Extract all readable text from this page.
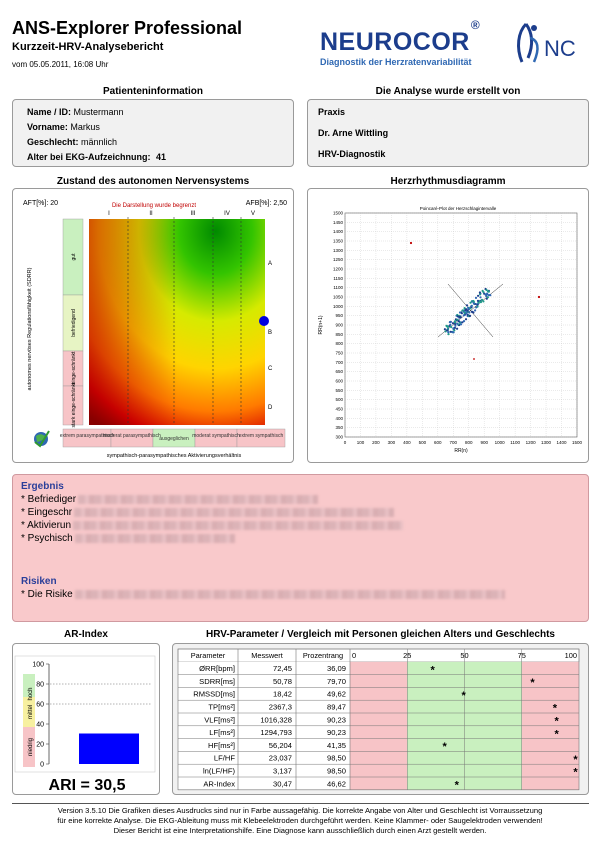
ANS-Explorer Professional
Kurzzeit-HRV-Analysebericht
vom 05.05.2011, 16:08 Uhr
NEUROCOR®
Diagnostik der Herzratenvariabilität
NC
Patienteninformation
Name / ID: Mustermann
Vorname: Markus
Geschlecht: männlich
Alter bei EKG-Aufzeichnung: 41
Die Analyse wurde erstellt von
Praxis
Dr. Arne Wittling
HRV-Diagnostik
Zustand des autonomen Nervensystems
AFT[%]: 20	AFB[%]: 2,50
Die Darstellung wurde begrenzt
I	II	III	IV	V
A
B
C
D
autonomes nervöses Regulationsfähigkeit (SDRR)
gut
befriedigend
einge-schränkt
stark einge-schränkt
extrem parasympathisch
moderat parasympathisch
ausgeglichen moderat sympathisch extrem sympathisch
sympathisch-parasympathisches Aktivierungsverhältnis
Herzrhythmusdiagramm
Poincaré-Plot der Herzschlagintervalle
1500
1450
1400
1350
1300
1250
1200
1150
1100
1050
1000
950
900
850
800
750
700
650
600
550
500
450
400
350
300
0 100 200 300 400 500 600 700 800 900 1000 1100 1200 1300 1400 1500
RR(n)
RR(n+1)
Ergebnis
* Befriediger
* Eingeschr
* Aktivierun
* Psychisch
Risiken
* Die Risike
AR-Index
hoch
mittel
niedrig
100
80
60
40
20
0
ARI = 30,5
HRV-Parameter / Vergleich mit Personen gleichen Alters und Geschlechts
Parameter	Messwert	Prozentrang 0	25	50	75	100
ØRR[bpm]	72,45	36,09	*
SDRR[ms]	50,78	79,70	*
RMSSD[ms]	18,42	49,62	*
TP[ms²]	2367,3	89,47	*
VLF[ms²]	1016,328	90,23	*
LF[ms²]	1294,793	90,23	*
HF[ms²]	56,204	41,35	*
LF/HF	23,037	98,50	*
ln(LF/HF)	3,137	98,50	*
AR-Index	30,47	46,62	*
Version 3.5.10 Die Grafiken dieses Ausdrucks sind nur in Farbe aussagefähig. Die korrekte Angabe von Alter und Geschlecht ist Vorraussetzung
für eine korrekte Analyse. Die EKG-Ableitung muss mit Klebeelektroden durchgeführt werden. Keine Klammer- oder Saugelektroden verwenden!
Dieser Bericht ist eine Interpretationshilfe. Eine Diagnose kann ausschließlich durch einen Arzt gestellt werden.
